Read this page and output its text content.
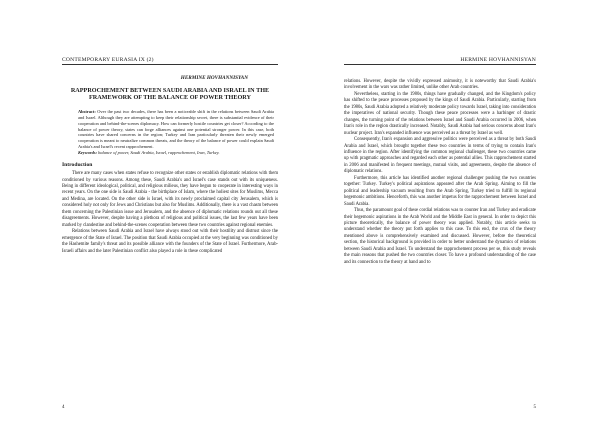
CONTEMPORARY EURASIA IX (2)
HERMINE HOVHANNISYAN
RAPPROCHEMENT BETWEEN SAUDI ARABIA AND ISRAEL IN THE FRAMEWORK OF THE BALANCE OF POWER THEORY

Abstract: Over the past two decades, there has been a noticeable shift in the relations between Saudi Arabia and Israel. Although they are attempting to keep their relationship secret, there is substantial evidence of their cooperation and behind-the-scenes diplomacy. How can formerly hostile countries get closer? According to the balance of power theory, states can forge alliances against one potential stronger power. In this case, both countries have shared concerns in the region; Turkey and Iran particularly threaten their newly emerged cooperation is meant to neutralize common threats, and the theory of the balance of power could explain Saudi Arabia's and Israel's recent rapprochement.

Keywords: balance of power, Saudi Arabia, Israel, rapprochement, Iran, Turkey.

Introduction

There are many cases when states refuse to recognize other states or establish diplomatic relations with them conditioned by various reasons. Among these, Saudi Arabia's and Israel's case stands out with its uniqueness. Being in different ideological, political, and religious milieus, they have begun to cooperate in interesting ways in recent years. On the one side is Saudi Arabia - the birthplace of Islam, where the holiest sites for Muslims, Mecca and Medina, are located. On the other side is Israel, with its newly proclaimed capital city Jerusalem, which is considered holy not only for Jews and Christians but also for Muslims. Additionally, there is a vast chasm between them concerning the Palestinian issue and Jerusalem, and the absence of diplomatic relations rounds out all these disagreements. However, despite having a plethora of religious and political issues, the last few years have been marked by clandestine and behind-the-scenes cooperation between these two countries against regional enemies.

Relations between Saudi Arabia and Israel have always stood out with their hostility and distrust since the emergence of the State of Israel. The position that Saudi Arabia occupied at the very beginning was conditioned by the Hashemite family's threat and its possible alliance with the founders of the State of Israel. Furthermore, Arab-Israeli affairs and the later Palestinian conflict also played a role in these complicated

4
HERMINE HOVHANNISYAN

relations. However, despite the vividly expressed animosity, it is noteworthy that Saudi Arabia's involvement in the wars was rather limited, unlike other Arab countries.

Nevertheless, starting in the 1980s, things have gradually changed, and the Kingdom's policy has shifted to the peace processes proposed by the kings of Saudi Arabia. Particularly, starting from the 1980s, Saudi Arabia adopted a relatively moderate policy towards Israel, taking into consideration the imperatives of national security. Though these peace processes were a harbinger of drastic changes, the turning point of the relations between Israel and Saudi Arabia occurred in 2006, when Iran's role in the region drastically increased. Notably, Saudi Arabia had serious concerns about Iran's nuclear project. Iran's expanded influence was perceived as a threat by Israel as well.

Consequently, Iran's expansion and aggressive politics were perceived as a threat by both Saudi Arabia and Israel, which brought together these two countries in terms of trying to contain Iran's influence in the region. After identifying the common regional challenger, these two countries came up with pragmatic approaches and regarded each other as potential allies. This rapprochement started in 2006 and manifested in frequent meetings, mutual visits, and agreements, despite the absence of diplomatic relations.

Furthermore, this article has identified another regional challenger pushing the two countries together: Turkey. Turkey's political aspirations appeared after the Arab Spring. Aiming to fill the political and leadership vacuum resulting from the Arab Spring, Turkey tried to fulfill its regional hegemonic ambitions. Henceforth, this was another impetus for the rapprochement between Israel and Saudi Arabia.

Thus, the paramount goal of these cordial relations was to counter Iran and Turkey and eradicate their hegemonic aspirations in the Arab World and the Middle East in general. In order to depict this picture theoretically, the balance of power theory was applied. Notably, this article seeks to understand whether the theory put forth applies to this case. To this end, the crux of the theory mentioned above is comprehensively examined and discussed. However, before the theoretical section, the historical background is provided in order to better understand the dynamics of relations between Saudi Arabia and Israel. To understand the rapprochement process per se, this study reveals the main reasons that pushed the two countries closer. To have a profound understanding of the case and its connection to the theory at hand and to

5
